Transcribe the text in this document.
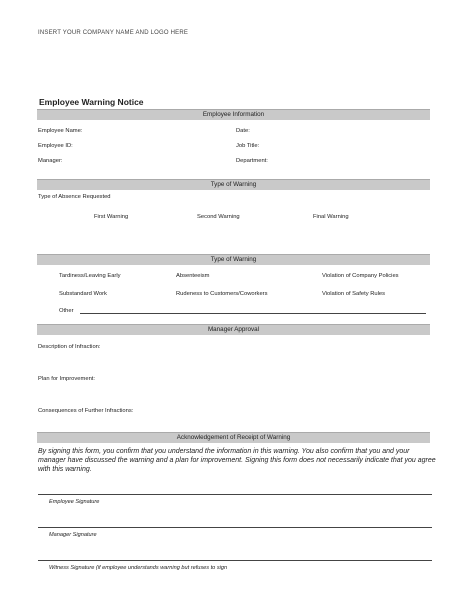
INSERT YOUR COMPANY NAME AND LOGO HERE
Employee Warning Notice
Employee Information
Employee Name:	Date:
Employee ID:	Job Title:
Manager:	Department:
Type of Warning
Type of Absence Requested
First Warning	Second Warning	Final Warning
Type of Warning
Tardiness/Leaving Early	Absenteeism	Violation of Company Policies
Substandard Work	Rudeness to Customers/Coworkers	Violation of Safety Rules
Other
Manager Approval
Description of Infraction:
Plan for Improvement:
Consequences of Further Infractions:
Acknowledgement of Receipt of Warning
By signing this form, you confirm that you understand the information in this warning. You also confirm that you and your manager have discussed the warning and a plan for improvement. Signing this form does not necessarily indicate that you agree with this warning.
Employee Signature
Manager Signature
Witness Signature (if employee understands warning but refuses to sign
